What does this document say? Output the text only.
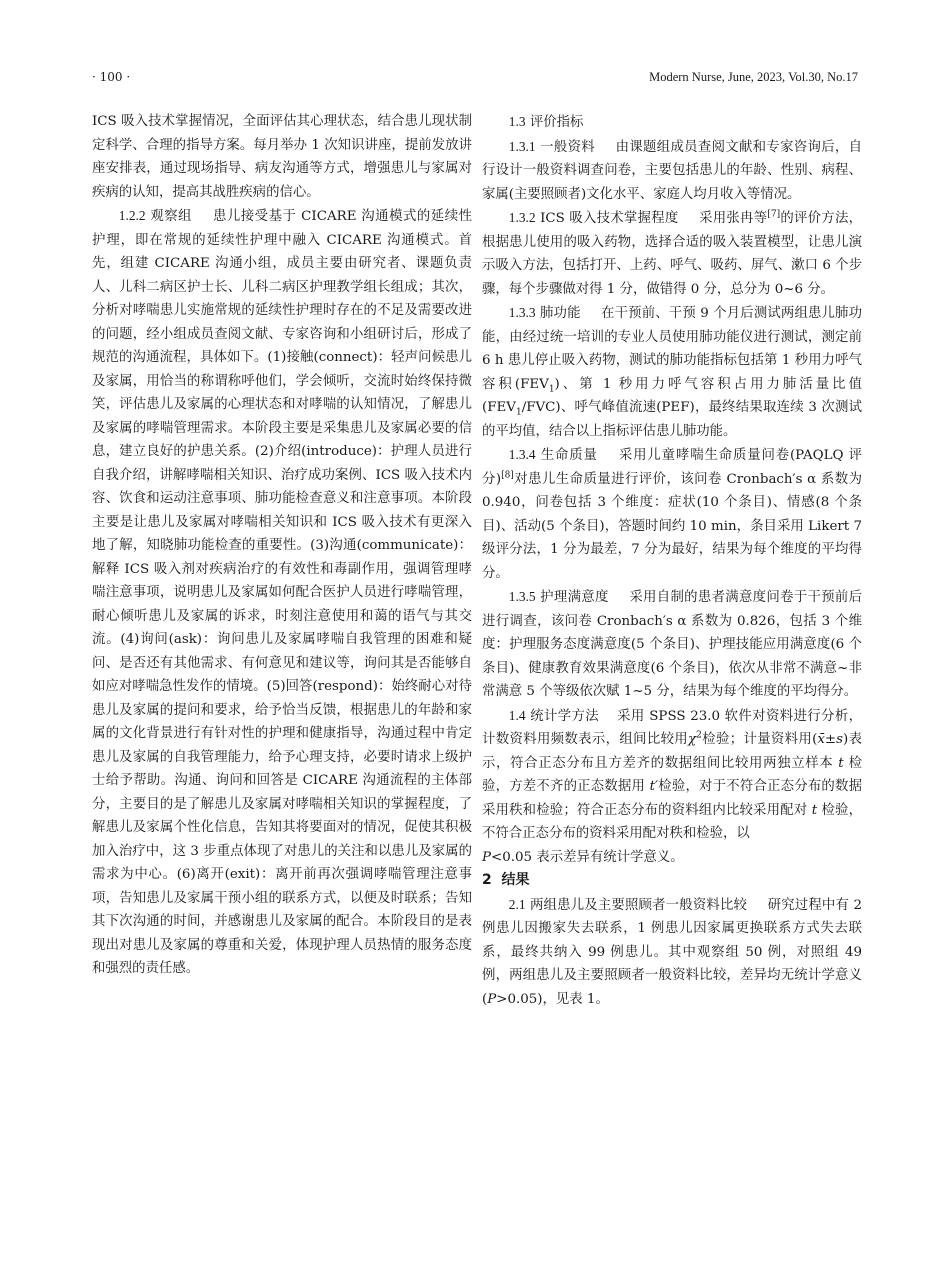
· 100 ·	Modern Nurse, June, 2023, Vol.30, No.17

ICS 吸入技术掌握情况，全面评估其心理状态，结合患儿现状制定科学、合理的指导方案。每月举办 1 次知识讲座，提前发放讲座安排表，通过现场指导、病友沟通等方式，增强患儿与家属对疾病的认知，提高其战胜疾病的信心。

1.2.2 观察组 患儿接受基于 CICARE 沟通模式的延续性护理，即在常规的延续性护理中融入 CICARE 沟通模式。首先，组建 CICARE 沟通小组，成员主要由研究者、课题负责人、儿科二病区护士长、儿科二病区护理教学组长组成；其次，分析对哮喘患儿实施常规的延续性护理时存在的不足及需要改进的问题，经小组成员查阅文献、专家咨询和小组研讨后，形成了规范的沟通流程，具体如下。(1)接触(connect)：轻声问候患儿及家属，用恰当的称谓称呼他们，学会倾听，交流时始终保持微笑，评估患儿及家属的心理状态和对哮喘的认知情况，了解患儿及家属的哮喘管理需求。本阶段主要是采集患儿及家属必要的信息，建立良好的护患关系。(2)介绍(introduce)：护理人员进行自我介绍，讲解哮喘相关知识、治疗成功案例、ICS 吸入技术内容、饮食和运动注意事项、肺功能检查意义和注意事项。本阶段主要是让患儿及家属对哮喘相关知识和 ICS 吸入技术有更深入地了解，知晓肺功能检查的重要性。(3)沟通(communicate)：解释 ICS 吸入剂对疾病治疗的有效性和毒副作用，强调管理哮喘注意事项，说明患儿及家属如何配合医护人员进行哮喘管理，耐心倾听患儿及家属的诉求，时刻注意使用和蔼的语气与其交流。(4)询问(ask)：询问患儿及家属哮喘自我管理的困难和疑问、是否还有其他需求、有何意见和建议等，询问其是否能够自如应对哮喘急性发作的情境。(5)回答(respond)：始终耐心对待患儿及家属的提问和要求，给予恰当反馈，根据患儿的年龄和家属的文化背景进行有针对性的护理和健康指导，沟通过程中肯定患儿及家属的自我管理能力，给予心理支持，必要时请求上级护士给予帮助。沟通、询问和回答是 CICARE 沟通流程的主体部分，主要目的是了解患儿及家属对哮喘相关知识的掌握程度，了解患儿及家属个性化信息，告知其将要面对的情况，促使其积极加入治疗中，这 3 步重点体现了对患儿的关注和以患儿及家属的需求为中心。(6)离开(exit)：离开前再次强调哮喘管理注意事项，告知患儿及家属干预小组的联系方式，以便及时联系；告知其下次沟通的时间，并感谢患儿及家属的配合。本阶段目的是表现出对患儿及家属的尊重和关爱，体现护理人员热情的服务态度和强烈的责任感。

1.3 评价指标

1.3.1 一般资料 由课题组成员查阅文献和专家咨询后，自行设计一般资料调查问卷，主要包括患儿的年龄、性别、病程、家属(主要照顾者)文化水平、家庭人均月收入等情况。

1.3.2 ICS 吸入技术掌握程度 采用张冉等[7]的评价方法，根据患儿使用的吸入药物，选择合适的吸入装置模型，让患儿演示吸入方法，包括打开、上药、呼气、吸药、屏气、漱口 6 个步骤，每个步骤做对得 1 分，做错得 0 分，总分为 0~6 分。

1.3.3 肺功能 在干预前、干预 9 个月后测试两组患儿肺功能，由经过统一培训的专业人员使用肺功能仪进行测试，测定前 6 h 患儿停止吸入药物，测试的肺功能指标包括第 1 秒用力呼气容积$(FEV_1)$、第 1 秒用力呼气容积占用力肺活量比值$(FEV_1/FVC)$、呼气峰值流速(PEF)，最终结果取连续 3 次测试的平均值，结合以上指标评估患儿肺功能。

1.3.4 生命质量 采用儿童哮喘生命质量问卷(PAQLQ 评分)[8]对患儿生命质量进行评价，该问卷 Cronbach′s α 系数为 0.940，问卷包括 3 个维度：症状(10 个条目)、情感(8 个条目)、活动(5 个条目)，答题时间约 10 min，条目采用 Likert 7 级评分法，1 分为最差，7 分为最好，结果为每个维度的平均得分。

1.3.5 护理满意度 采用自制的患者满意度问卷于干预前后进行调查，该问卷 Cronbach′s α 系数为 0.826，包括 3 个维度：护理服务态度满意度(5 个条目)、护理技能应用满意度(6 个条目)、健康教育效果满意度(6 个条目)，依次从非常不满意~非常满意 5 个等级依次赋 1~5 分，结果为每个维度的平均得分。

1.4 统计学方法 采用 SPSS 23.0 软件对资料进行分析，计数资料用频数表示，组间比较用$\chi^2$检验；计量资料用(x̄±s)表示，符合正态分布且方差齐的数据组间比较用两独立样本 t 检验，方差不齐的正态数据用 t′检验，对于不符合正态分布的数据采用秩和检验；符合正态分布的资料组内比较采用配对 t 检验，不符合正态分布的资料采用配对秩和检验，以
P<0.05 表示差异有统计学意义。

2 结果

2.1 两组患儿及主要照顾者一般资料比较 研究过程中有 2 例患儿因搬家失去联系，1 例患儿因家属更换联系方式失去联系，最终共纳入 99 例患儿。其中观察组 50 例，对照组 49 例，两组患儿及主要照顾者一般资料比较，差异均无统计学意义(P>0.05)，见表 1。
